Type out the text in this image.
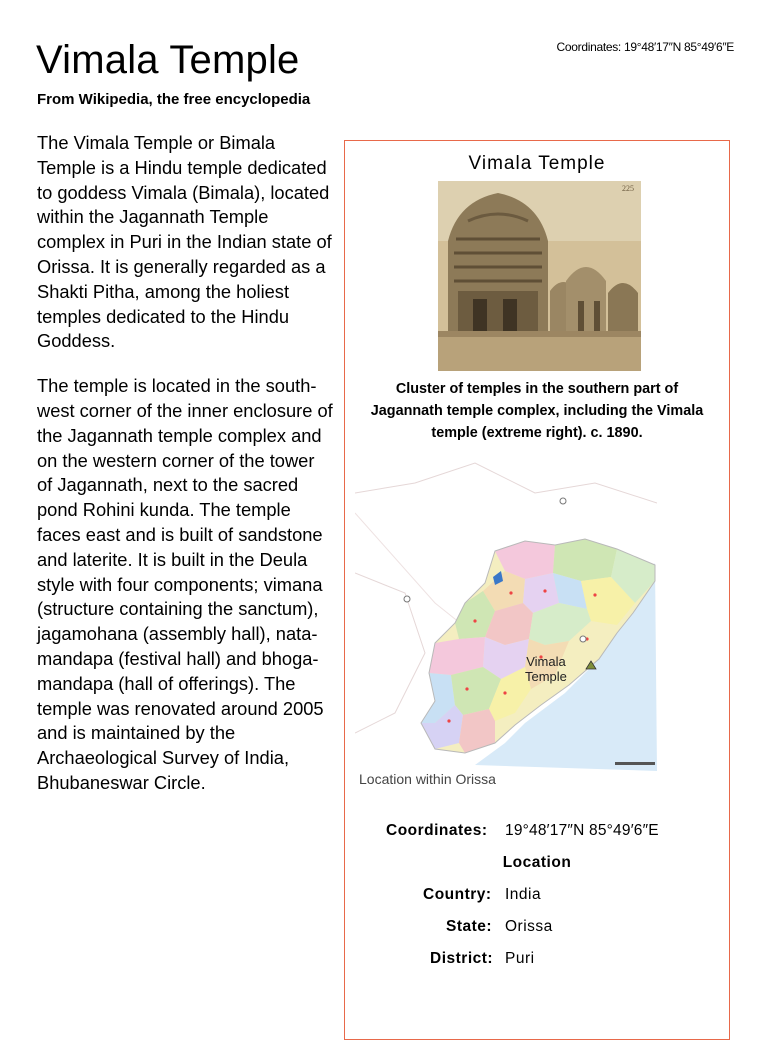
Vimala Temple	Coordinates: 19°48′17″N 85°49′6″E
From Wikipedia, the free encyclopedia

The Vimala Temple or Bimala Temple is a Hindu temple dedicated to goddess Vimala (Bimala), located within the Jagannath Temple complex in Puri in the Indian state of Orissa. It is generally regarded as a Shakti Pitha, among the holiest temples dedicated to the Hindu Goddess.

The temple is located in the south-west corner of the inner enclosure of the Jagannath temple complex and on the western corner of the tower of Jagannath, next to the sacred pond Rohini kunda. The temple faces east and is built of sandstone and laterite. It is built in the Deula style with four components; vimana (structure containing the sanctum), jagamohana (assembly hall), nata-mandapa (festival hall) and bhoga-mandapa (hall of offerings). The temple was renovated around 2005 and is maintained by the Archaeological Survey of India, Bhubaneswar Circle.

Vimala Temple
225
Cluster of temples in the southern part of Jagannath temple complex, including the Vimala temple (extreme right). c. 1890.
Vimala
Temple
Location within Orissa
Coordinates: 19°48′17″N 85°49′6″E
Location
Country: India
State: Orissa
District: Puri
